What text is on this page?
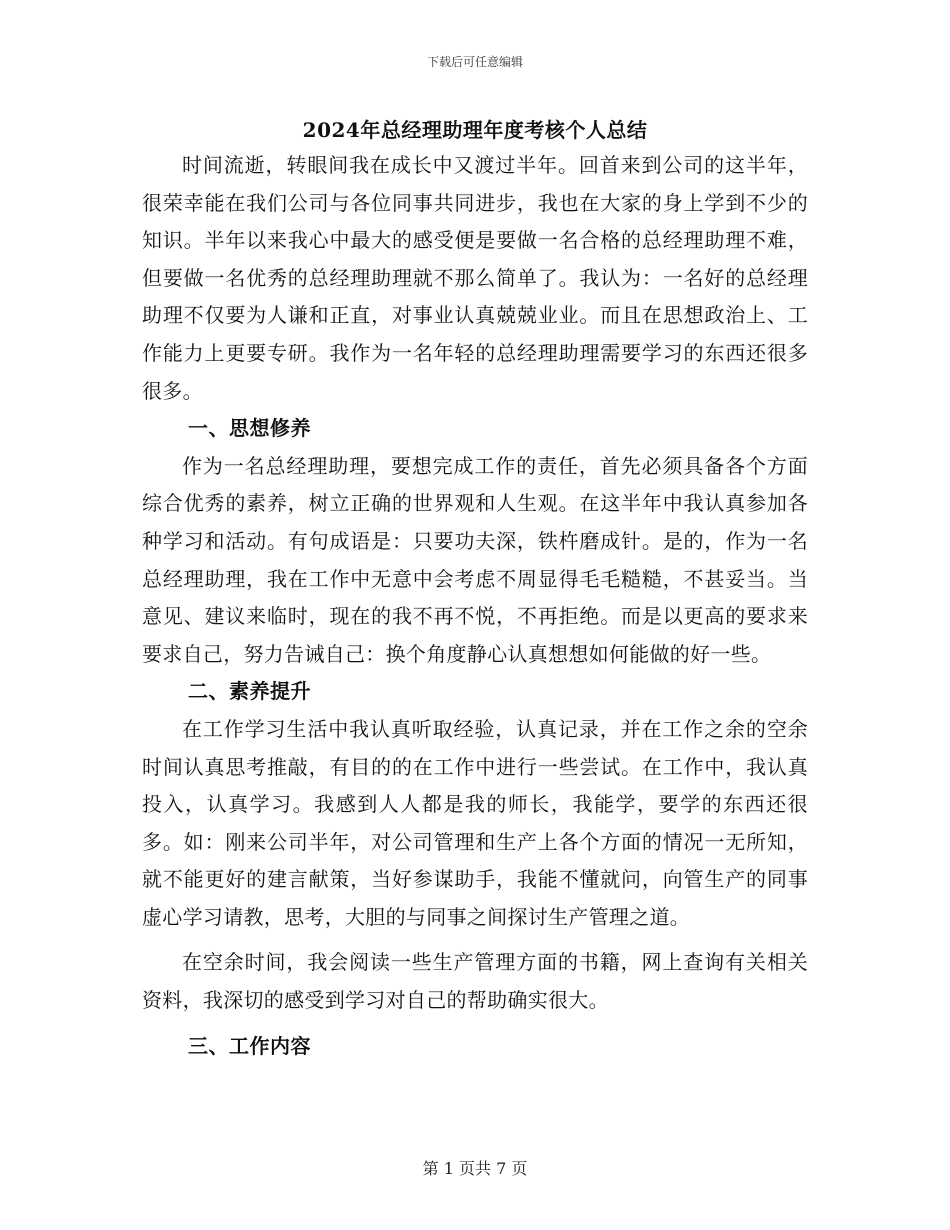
下载后可任意编辑
2024年总经理助理年度考核个人总结

时间流逝，转眼间我在成长中又渡过半年。回首来到公司的这半年，很荣幸能在我们公司与各位同事共同进步，我也在大家的身上学到不少的知识。半年以来我心中最大的感受便是要做一名合格的总经理助理不难，但要做一名优秀的总经理助理就不那么简单了。我认为：一名好的总经理助理不仅要为人谦和正直，对事业认真兢兢业业。而且在思想政治上、工作能力上更要专研。我作为一名年轻的总经理助理需要学习的东西还很多很多。

一、思想修养

作为一名总经理助理，要想完成工作的责任，首先必须具备各个方面综合优秀的素养，树立正确的世界观和人生观。在这半年中我认真参加各种学习和活动。有句成语是：只要功夫深，铁杵磨成针。是的，作为一名总经理助理，我在工作中无意中会考虑不周显得毛毛糙糙，不甚妥当。当意见、建议来临时，现在的我不再不悦，不再拒绝。而是以更高的要求来要求自己，努力告诫自己：换个角度静心认真想想如何能做的好一些。

二、素养提升

在工作学习生活中我认真听取经验，认真记录，并在工作之余的空余时间认真思考推敲，有目的的在工作中进行一些尝试。在工作中，我认真投入，认真学习。我感到人人都是我的师长，我能学，要学的东西还很多。如：刚来公司半年，对公司管理和生产上各个方面的情况一无所知，就不能更好的建言献策，当好参谋助手，我能不懂就问，向管生产的同事虚心学习请教，思考，大胆的与同事之间探讨生产管理之道。

在空余时间，我会阅读一些生产管理方面的书籍，网上查询有关相关资料，我深切的感受到学习对自己的帮助确实很大。

三、工作内容

第 1 页共 7 页
